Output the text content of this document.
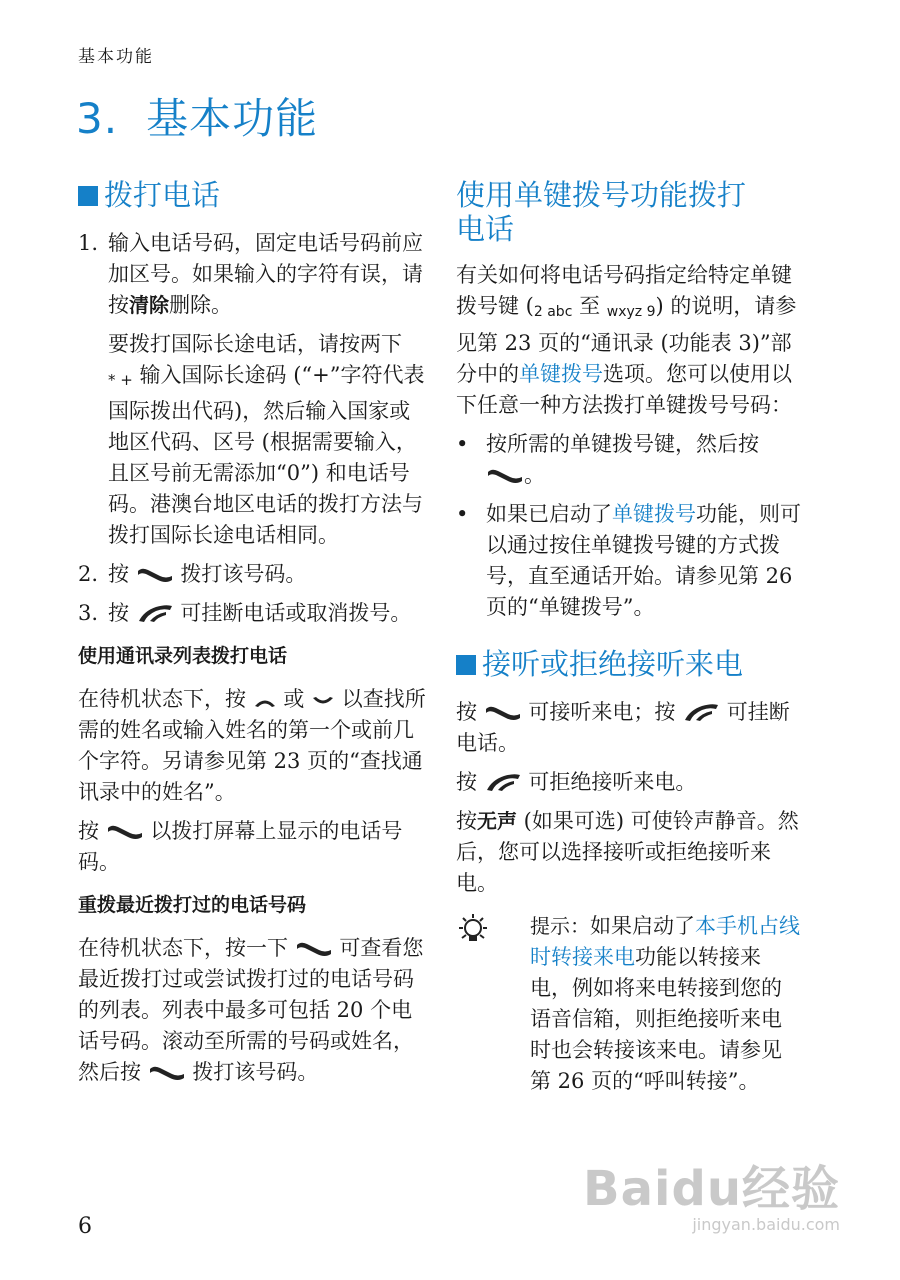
基本功能
3. 基本功能
拨打电话
1. 输入电话号码，固定电话号码前应加区号。如果输入的字符有误，请按清除删除。
要拨打国际长途电话，请按两下 * + 输入国际长途码 (“+”字符代表国际拨出代码)，然后输入国家或地区代码、区号 (根据需要输入，且区号前无需添加“0”) 和电话号码。港澳台地区电话的拨打方法与拨打国际长途电话相同。
2. 按 拨打该号码。
3. 按 可挂断电话或取消拨号。
使用通讯录列表拨打电话

在待机状态下，按 或 以查找所需的姓名或输入姓名的第一个或前几个字符。另请参见第 23 页的“查找通讯录中的姓名”。

按 以拨打屏幕上显示的电话号码。

重拨最近拨打过的电话号码

在待机状态下，按一下 可查看您最近拨打过或尝试拨打过的电话号码的列表。列表中最多可包括 20 个电话号码。滚动至所需的号码或姓名，然后按 拨打该号码。

使用单键拨号功能拨打电话

有关如何将电话号码指定给特定单键拨号键 (2 abc 至 wxyz 9) 的说明，请参见第 23 页的“通讯录 (功能表 3)”部分中的单键拨号选项。您可以使用以下任意一种方法拨打单键拨号号码：

• 按所需的单键拨号键，然后按 。
• 如果已启动了单键拨号功能，则可以通过按住单键拨号键的方式拨号，直至通话开始。请参见第 26 页的“单键拨号”。
接听或拒绝接听来电

按 可接听来电；按 可挂断电话。

按 可拒绝接听来电。

按无声 (如果可选) 可使铃声静音。然后，您可以选择接听或拒绝接听来电。

提示：如果启动了本手机占线时转接来电功能以转接来电，例如将来电转接到您的语音信箱，则拒绝接听来电时也会转接该来电。请参见第 26 页的“呼叫转接”。
6
Baidu经验
jingyan.baidu.com
